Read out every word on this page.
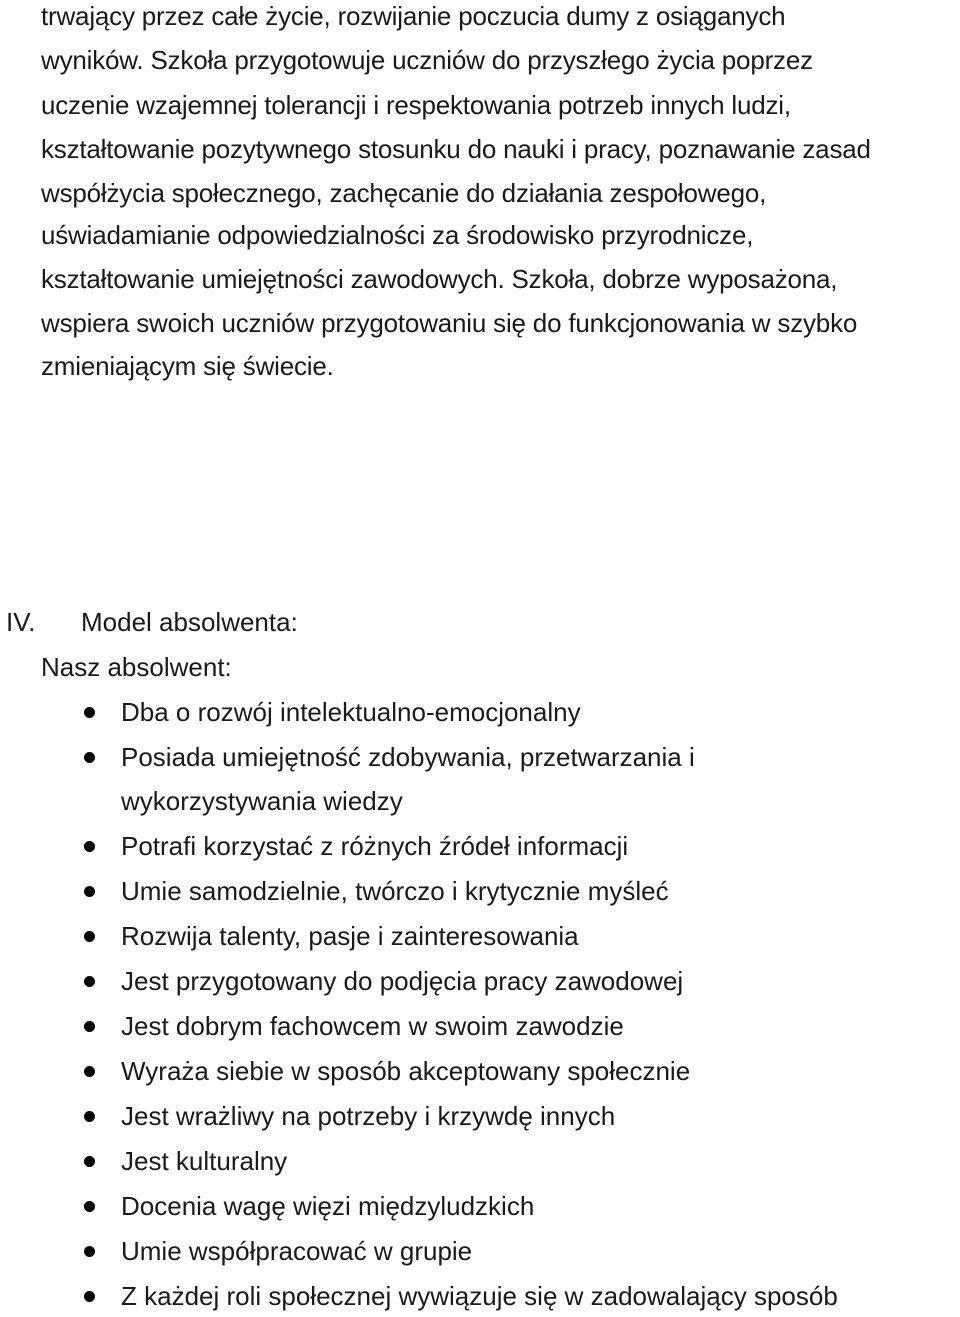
trwający przez całe życie, rozwijanie poczucia dumy z osiąganych
wyników. Szkoła przygotowuje uczniów do przyszłego życia poprzez
uczenie wzajemnej tolerancji i respektowania potrzeb innych ludzi,
kształtowanie pozytywnego stosunku do nauki i pracy, poznawanie zasad
współżycia społecznego, zachęcanie do działania zespołowego,
uświadamianie odpowiedzialności za środowisko przyrodnicze,
kształtowanie umiejętności zawodowych. Szkoła, dobrze wyposażona,
wspiera swoich uczniów przygotowaniu się do funkcjonowania w szybko
zmieniającym się świecie.
IV. Model absolwenta:
Nasz absolwent:
Dba o rozwój intelektualno-emocjonalny
Posiada umiejętność zdobywania, przetwarzania i
wykorzystywania wiedzy
Potrafi korzystać z różnych źródeł informacji
Umie samodzielnie, twórczo i krytycznie myśleć
Rozwija talenty, pasje i zainteresowania
Jest przygotowany do podjęcia pracy zawodowej
Jest dobrym fachowcem w swoim zawodzie
Wyraża siebie w sposób akceptowany społecznie
Jest wrażliwy na potrzeby i krzywdę innych
Jest kulturalny
Docenia wagę więzi międzyludzkich
Umie współpracować w grupie
Z każdej roli społecznej wywiązuje się w zadowalający sposób
